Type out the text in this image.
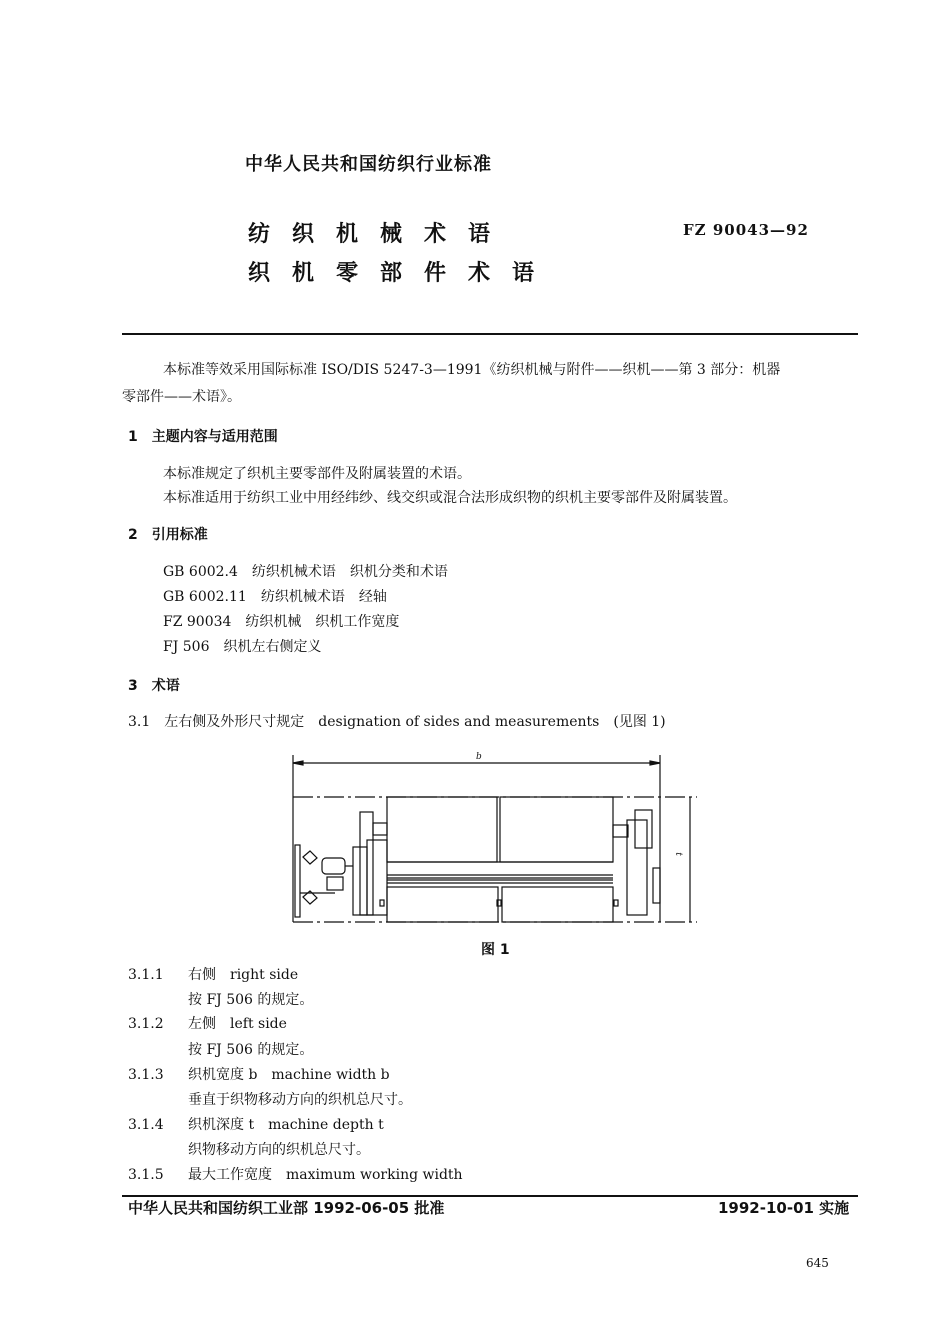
中华人民共和国纺织行业标准
纺织机械术语
织机零部件术语
FZ 90043—92
本标准等效采用国际标准 ISO/DIS 5247-3—1991《纺织机械与附件——织机——第 3 部分：机器
零部件——术语》。
1　主题内容与适用范围
本标准规定了织机主要零部件及附属装置的术语。
本标准适用于纺织工业中用经纬纱、线交织或混合法形成织物的织机主要零部件及附属装置。
2　引用标准
GB 6002.4　纺织机械术语　织机分类和术语
GB 6002.11　纺织机械术语　经轴
FZ 90034　纺织机械　织机工作宽度
FJ 506　织机左右侧定义
3　术语
3.1　左右侧及外形尺寸规定　designation of sides and measurements　(见图 1)
b
t
图 1
3.1.1 右侧　right side
按 FJ 506 的规定。
3.1.2 左侧　left side
按 FJ 506 的规定。
3.1.3 织机宽度 b　machine width b
垂直于织物移动方向的织机总尺寸。
3.1.4 织机深度 t　machine depth t
织物移动方向的织机总尺寸。
3.1.5 最大工作宽度　maximum working width
中华人民共和国纺织工业部 1992-06-05 批准	1992-10-01 实施
645
